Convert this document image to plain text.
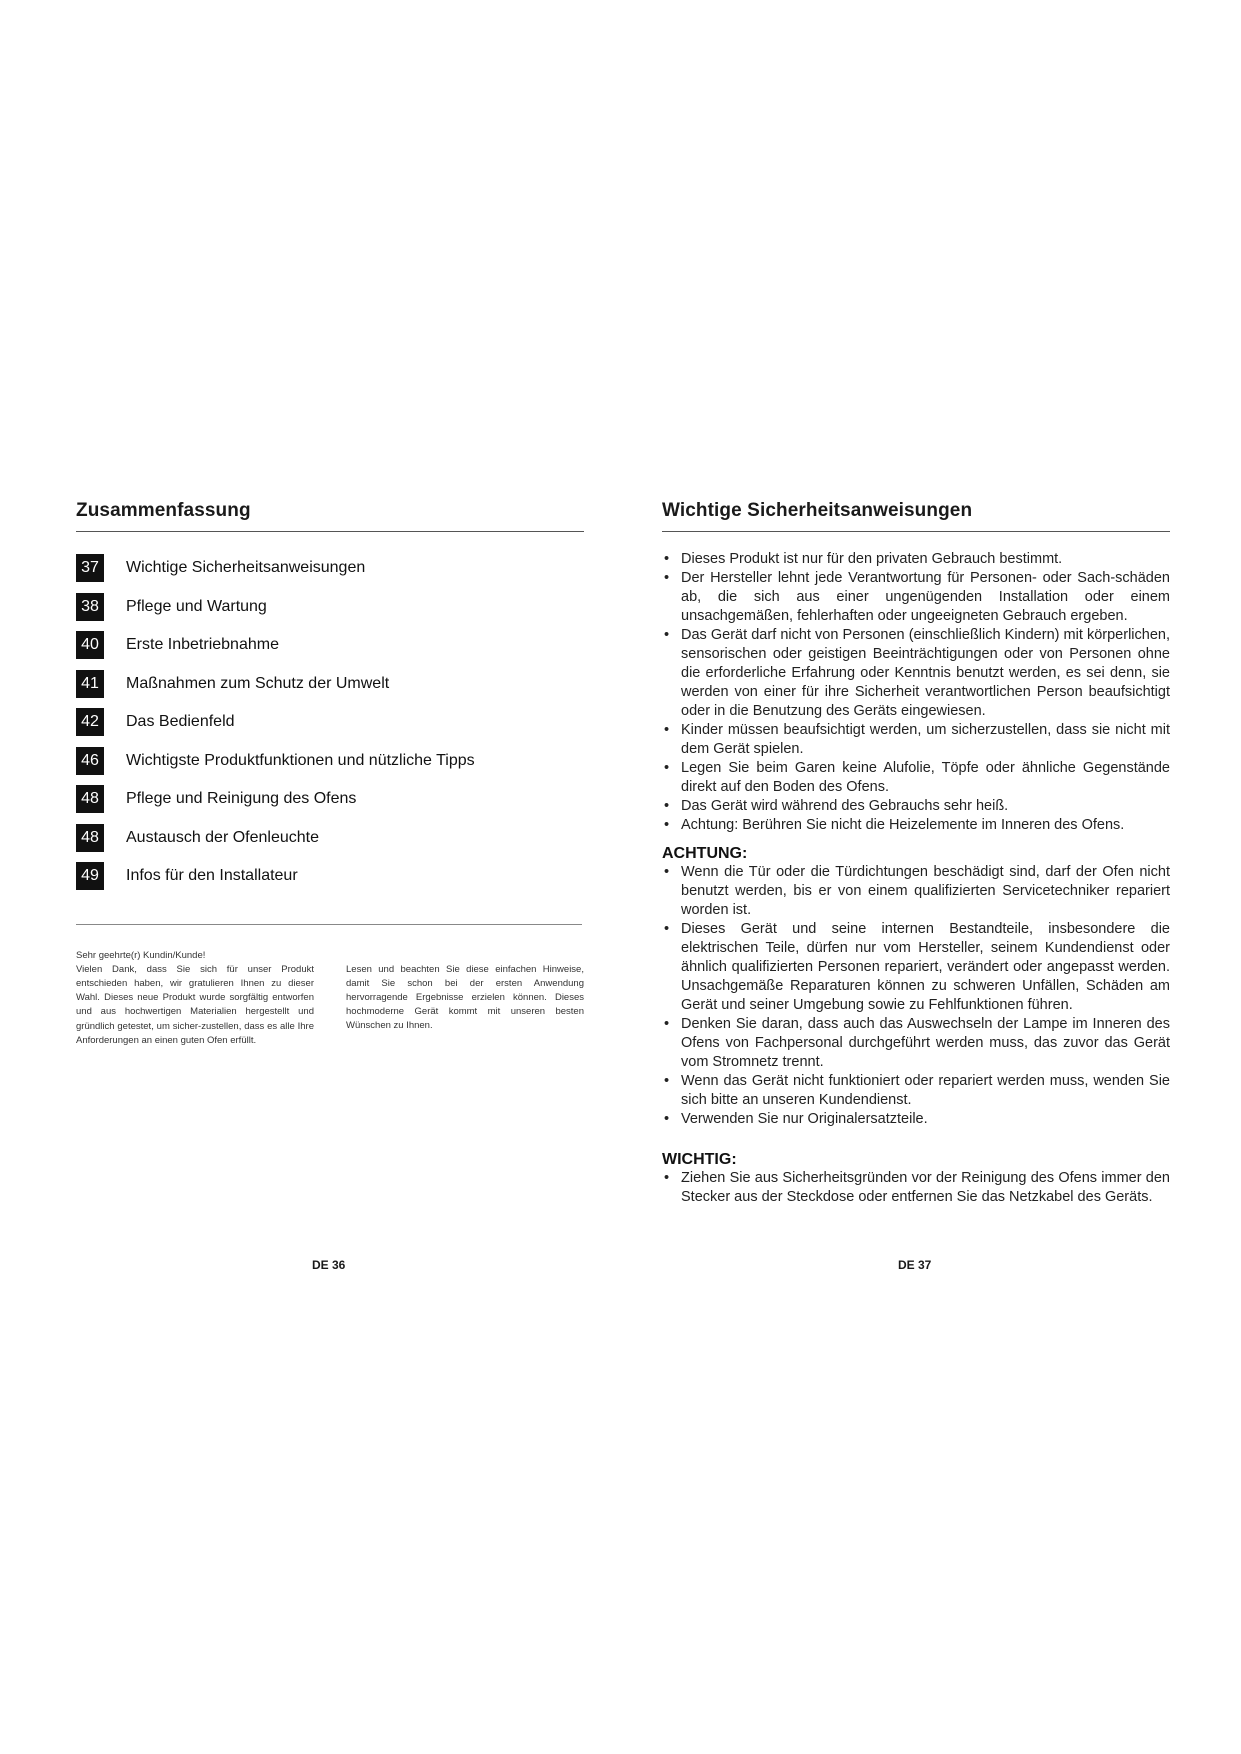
Zusammenfassung
37	Wichtige Sicherheitsanweisungen
38	Pflege und Wartung
40	Erste Inbetriebnahme
41	Maßnahmen zum Schutz der Umwelt
42	Das Bedienfeld
46	Wichtigste Produktfunktionen und nützliche Tipps
48	Pflege und Reinigung des Ofens
48	Austausch der Ofenleuchte
49	Infos für den Installateur

Sehr geehrte(r) Kundin/Kunde!

Vielen Dank, dass Sie sich für unser Produkt entschieden haben, wir gratulieren Ihnen zu dieser Wahl. Dieses neue Produkt wurde sorgfältig entworfen und aus hochwertigen Materialien hergestellt und gründlich getestet, um sicher-zustellen, dass es alle Ihre Anforderungen an einen guten Ofen erfüllt.

Lesen und beachten Sie diese einfachen Hinweise, damit Sie schon bei der ersten Anwendung hervorragende Ergebnisse erzielen können. Dieses hochmoderne Gerät kommt mit unseren besten Wünschen zu Ihnen.

DE 36
Wichtige Sicherheitsanweisungen
• Dieses Produkt ist nur für den privaten Gebrauch bestimmt.
• Der Hersteller lehnt jede Verantwortung für Personen- oder Sach-schäden ab, die sich aus einer ungenügenden Installation oder einem unsachgemäßen, fehlerhaften oder ungeeigneten Gebrauch ergeben.
• Das Gerät darf nicht von Personen (einschließlich Kindern) mit körperlichen, sensorischen oder geistigen Beeinträchtigungen oder von Personen ohne die erforderliche Erfahrung oder Kenntnis benutzt werden, es sei denn, sie werden von einer für ihre Sicherheit verantwortlichen Person beaufsichtigt oder in die Benutzung des Geräts eingewiesen.
• Kinder müssen beaufsichtigt werden, um sicherzustellen, dass sie nicht mit dem Gerät spielen.
• Legen Sie beim Garen keine Alufolie, Töpfe oder ähnliche Gegenstände direkt auf den Boden des Ofens.
• Das Gerät wird während des Gebrauchs sehr heiß.
• Achtung: Berühren Sie nicht die Heizelemente im Inneren des Ofens.
ACHTUNG:
• Wenn die Tür oder die Türdichtungen beschädigt sind, darf der Ofen nicht benutzt werden, bis er von einem qualifizierten Servicetechniker repariert worden ist.
• Dieses Gerät und seine internen Bestandteile, insbesondere die elektrischen Teile, dürfen nur vom Hersteller, seinem Kundendienst oder ähnlich qualifizierten Personen repariert, verändert oder angepasst werden. Unsachgemäße Reparaturen können zu schweren Unfällen, Schäden am Gerät und seiner Umgebung sowie zu Fehlfunktionen führen.
• Denken Sie daran, dass auch das Auswechseln der Lampe im Inneren des Ofens von Fachpersonal durchgeführt werden muss, das zuvor das Gerät vom Stromnetz trennt.
• Wenn das Gerät nicht funktioniert oder repariert werden muss, wenden Sie sich bitte an unseren Kundendienst.
• Verwenden Sie nur Originalersatzteile.
WICHTIG:
• Ziehen Sie aus Sicherheitsgründen vor der Reinigung des Ofens immer den Stecker aus der Steckdose oder entfernen Sie das Netzkabel des Geräts.
DE 37
